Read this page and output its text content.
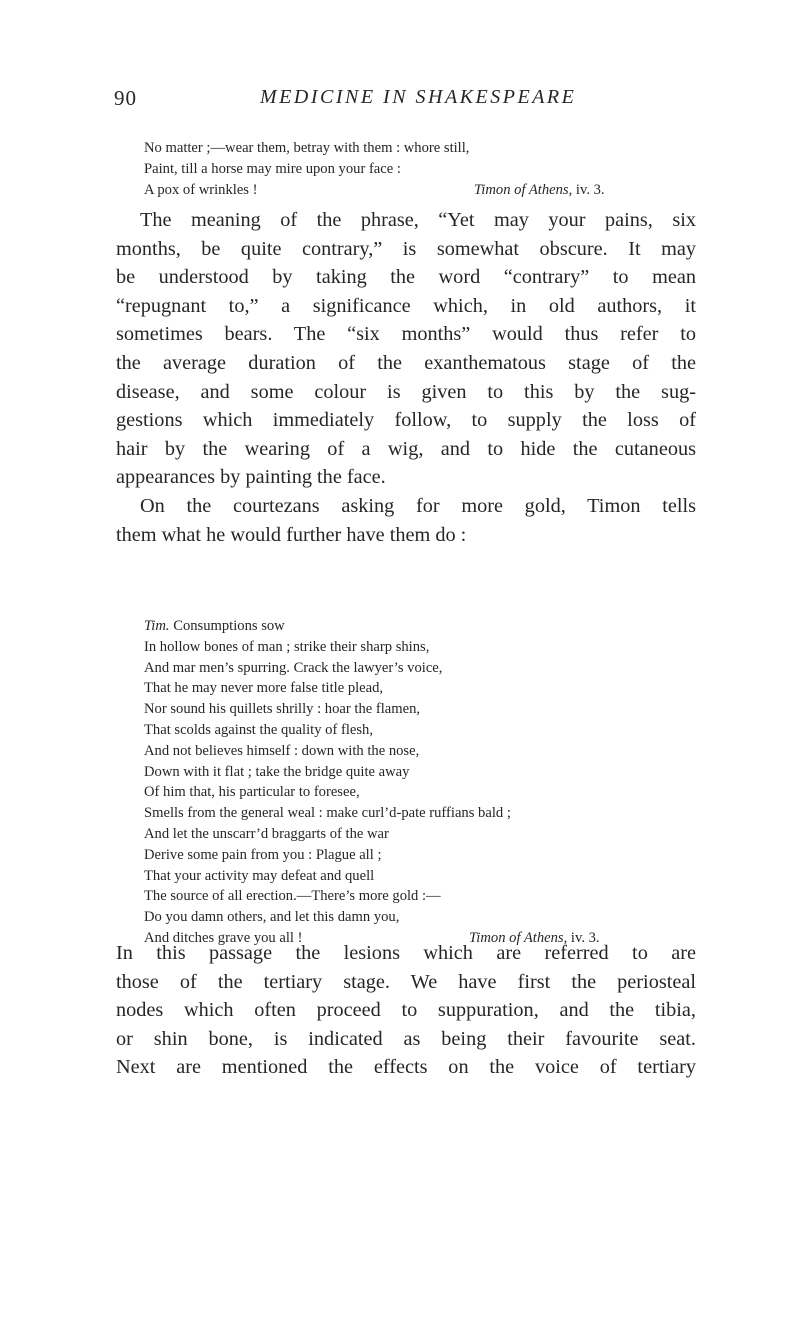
90	MEDICINE IN SHAKESPEARE
No matter ;—wear them, betray with them : whore still,
Paint, till a horse may mire upon your face :
A pox of wrinkles !	Timon of Athens, iv. 3.
The meaning of the phrase, “Yet may your pains, six
months, be quite contrary,” is somewhat obscure. It may
be understood by taking the word “contrary” to mean
“repugnant to,” a significance which, in old authors, it
sometimes bears. The “six months” would thus refer to
the average duration of the exanthematous stage of the
disease, and some colour is given to this by the sug-
gestions which immediately follow, to supply the loss of
hair by the wearing of a wig, and to hide the cutaneous
appearances by painting the face.
On the courtezans asking for more gold, Timon tells
them what he would further have them do :
Tim. Consumptions sow
In hollow bones of man ; strike their sharp shins,
And mar men’s spurring. Crack the lawyer’s voice,
That he may never more false title plead,
Nor sound his quillets shrilly : hoar the flamen,
That scolds against the quality of flesh,
And not believes himself : down with the nose,
Down with it flat ; take the bridge quite away
Of him that, his particular to foresee,
Smells from the general weal : make curl’d-pate ruffians bald ;
And let the unscarr’d braggarts of the war
Derive some pain from you : Plague all ;
That your activity may defeat and quell
The source of all erection.—There’s more gold :—
Do you damn others, and let this damn you,
And ditches grave you all !	Timon of Athens, iv. 3.
In this passage the lesions which are referred to are
those of the tertiary stage. We have first the periosteal
nodes which often proceed to suppuration, and the tibia,
or shin bone, is indicated as being their favourite seat.
Next are mentioned the effects on the voice of tertiary
